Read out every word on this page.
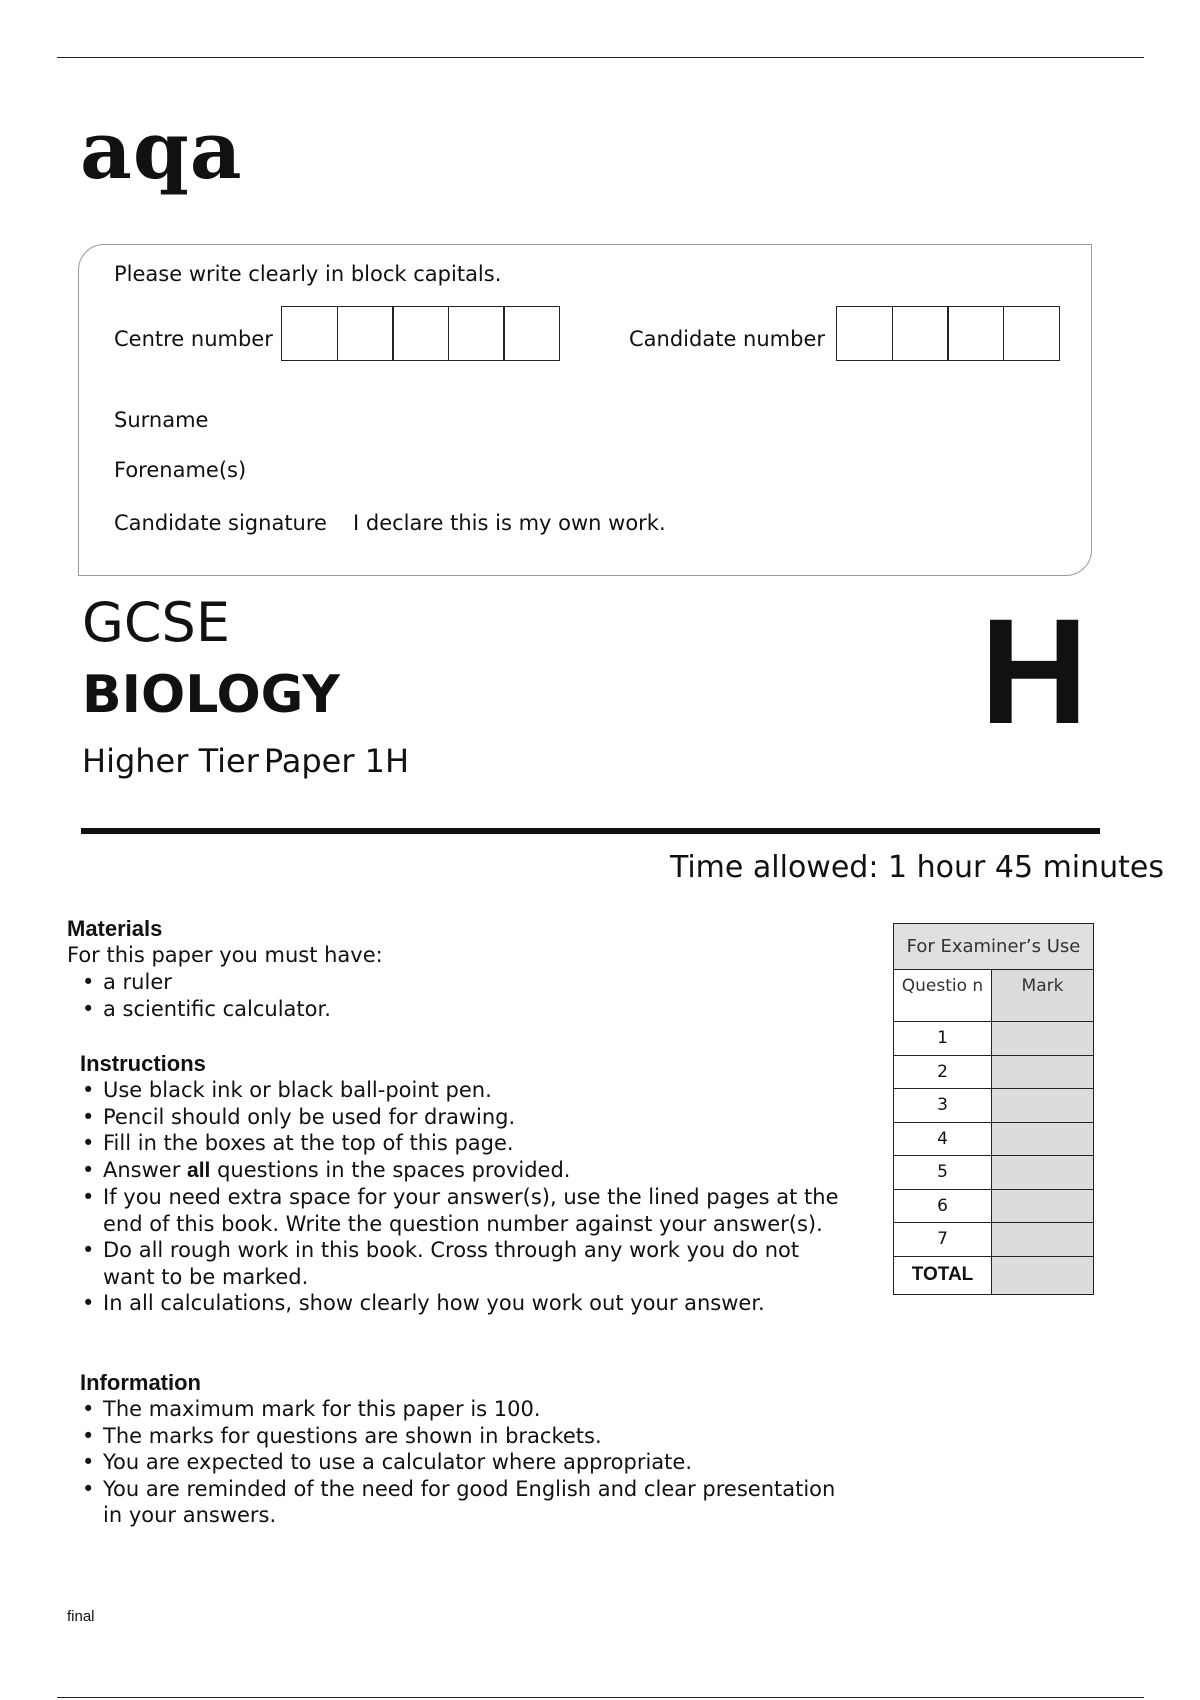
aqa
Please write clearly in block capitals.
Centre number	Candidate number
Surname
Forename(s)
Candidate signature I declare this is my own work.
GCSE
BIOLOGY
Higher Tier Paper 1H
H
Time allowed: 1 hour 45 minutes
Materials
For this paper you must have:
• a ruler
• a scientific calculator.
Instructions
• Use black ink or black ball-point pen.
• Pencil should only be used for drawing.
• Fill in the boxes at the top of this page.
• Answer all questions in the spaces provided.
• If you need extra space for your answer(s), use the lined pages at the end of this book. Write the question number against your answer(s).
• Do all rough work in this book. Cross through any work you do not want to be marked.
• In all calculations, show clearly how you work out your answer.
Information
• The maximum mark for this paper is 100.
• The marks for questions are shown in brackets.
• You are expected to use a calculator where appropriate.
• You are reminded of the need for good English and clear presentation in your answers.
For Examiner’s Use	
Questio n	Mark
1	
2	
3	
4	
5	
6	
7	
TOTAL	
final
